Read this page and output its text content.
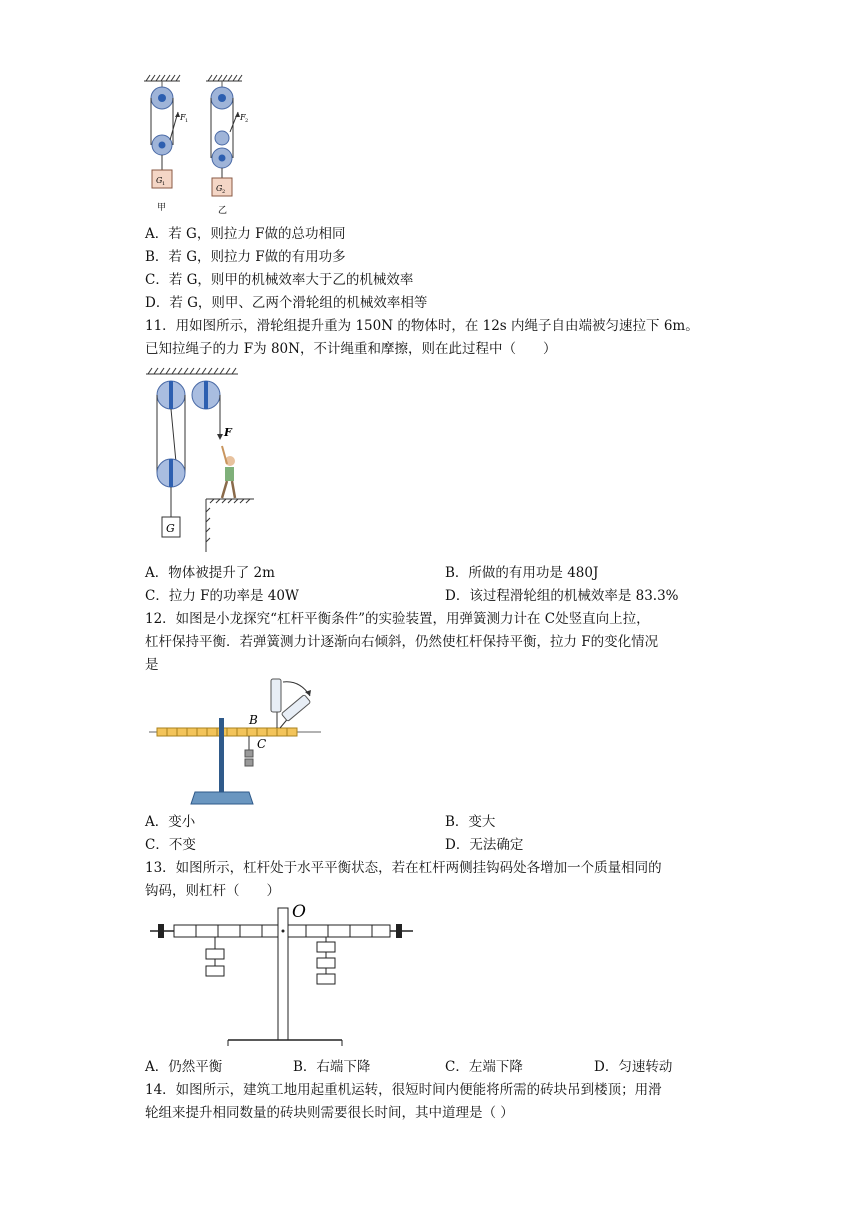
F 1
G 1
甲
F 2
G 2
乙
A．若 G，则拉力 F做的总功相同
B．若 G，则拉力 F做的有用功多
C．若 G，则甲的机械效率大于乙的机械效率
D．若 G，则甲、乙两个滑轮组的机械效率相等
11．用如图所示，滑轮组提升重为 150N 的物体时，在 12s 内绳子自由端被匀速拉下 6m。
已知拉绳子的力 F为 80N，不计绳重和摩擦，则在此过程中（　　）
F
G
A．物体被提升了 2m	B．所做的有用功是 480J
C．拉力 F的功率是 40W	D．该过程滑轮组的机械效率是 83.3%
12．如图是小龙探究“杠杆平衡条件”的实验装置，用弹簧测力计在 C处竖直向上拉，
杠杆保持平衡．若弹簧测力计逐渐向右倾斜，仍然使杠杆保持平衡，拉力 F的变化情况
是
B
C
A．变小	B．变大
C．不变	D．无法确定
13．如图所示，杠杆处于水平平衡状态，若在杠杆两侧挂钩码处各增加一个质量相同的
钩码，则杠杆（　　）
O
A．仍然平衡	B．右端下降	C．左端下降	D．匀速转动
14．如图所示，建筑工地用起重机运转，很短时间内便能将所需的砖块吊到楼顶；用滑
轮组来提升相同数量的砖块则需要很长时间，其中道理是（ ）
